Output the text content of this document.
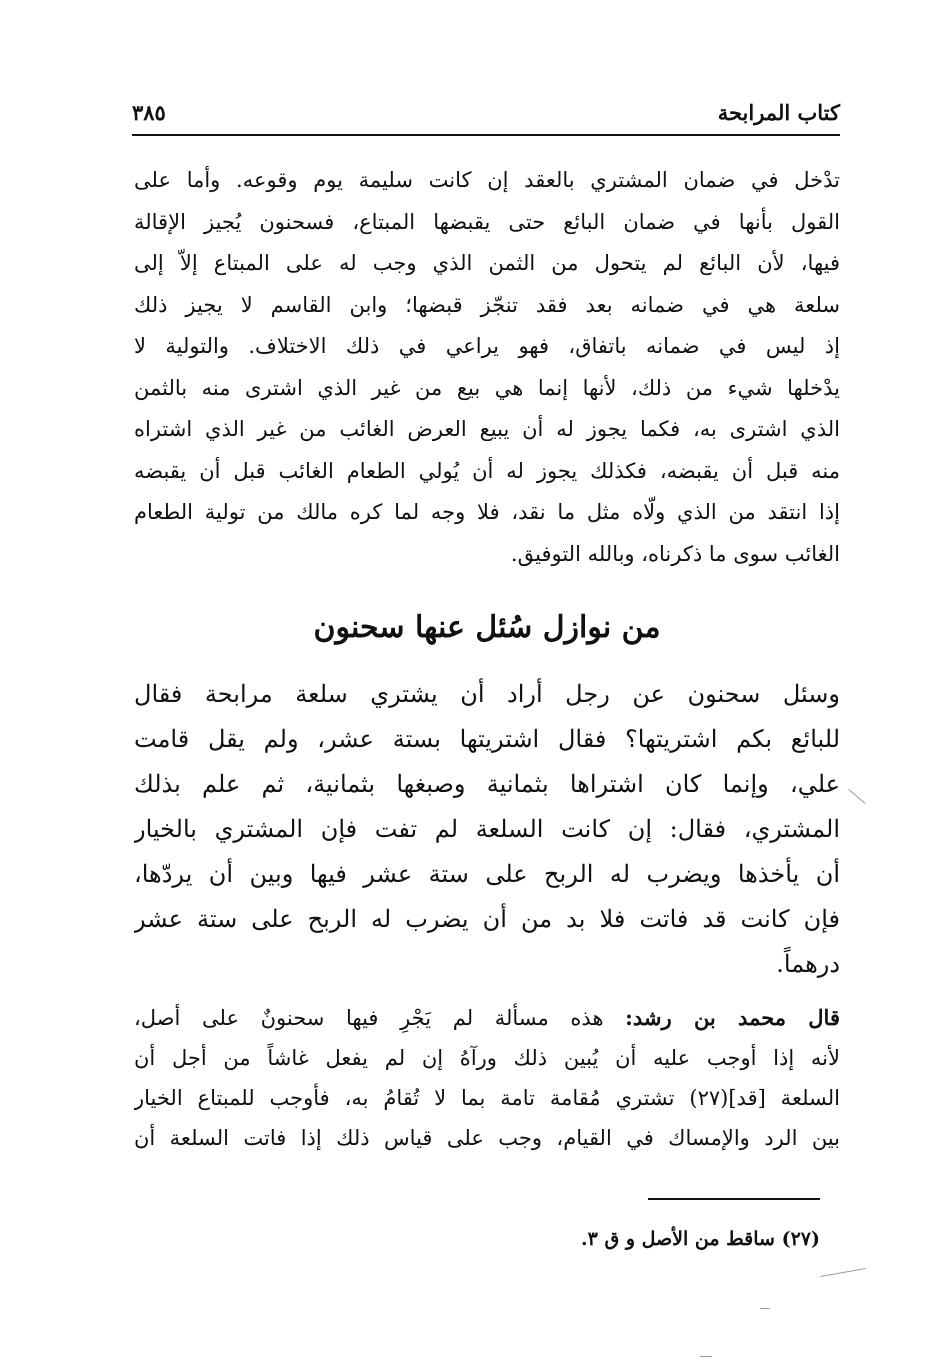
كتاب المرابحة
٣٨٥
تدْخل في ضمان المشتري بالعقد إن كانت سليمة يوم وقوعه. وأما على
القول بأنها في ضمان البائع حتى يقبضها المبتاع، فسحنون يُجيز الإقالة
فيها، لأن البائع لم يتحول من الثمن الذي وجب له على المبتاع إلاّ إلى
سلعة هي في ضمانه بعد فقد تنجّز قبضها؛ وابن القاسم لا يجيز ذلك
إذ ليس في ضمانه باتفاق، فهو يراعي في ذلك الاختلاف. والتولية لا
يدْخلها شيء من ذلك، لأنها إنما هي بيع من غير الذي اشترى منه بالثمن
الذي اشترى به، فكما يجوز له أن يبيع العرض الغائب من غير الذي اشتراه
منه قبل أن يقبضه، فكذلك يجوز له أن يُولي الطعام الغائب قبل أن يقبضه
إذا انتقد من الذي ولّاه مثل ما نقد، فلا وجه لما كره مالك من تولية الطعام
الغائب سوى ما ذكرناه، وبالله التوفيق.
من نوازل سُئل عنها سحنون
وسئل سحنون عن رجل أراد أن يشتري سلعة مرابحة فقال
للبائع بكم اشتريتها؟ فقال اشتريتها بستة عشر، ولم يقل قامت
علي، وإنما كان اشتراها بثمانية وصبغها بثمانية، ثم علم بذلك
المشتري، فقال: إن كانت السلعة لم تفت فإن المشتري بالخيار
أن يأخذها ويضرب له الربح على ستة عشر فيها وبين أن يردّها،
فإن كانت قد فاتت فلا بد من أن يضرب له الربح على ستة عشر
درهماً.
قال محمد بن رشد: هذه مسألة لم يَجْرِ فيها سحنونٌ على أصل،
لأنه إذا أوجب عليه أن يُبين ذلك ورآهُ إن لم يفعل غاشاً من أجل أن
السلعة [قد](٢٧) تشتري مُقامة تامة بما لا تُقامُ به، فأوجب للمبتاع الخيار
بين الرد والإمساك في القيام، وجب على قياس ذلك إذا فاتت السلعة أن
(٢٧) ساقط من الأصل و ق ٣.
